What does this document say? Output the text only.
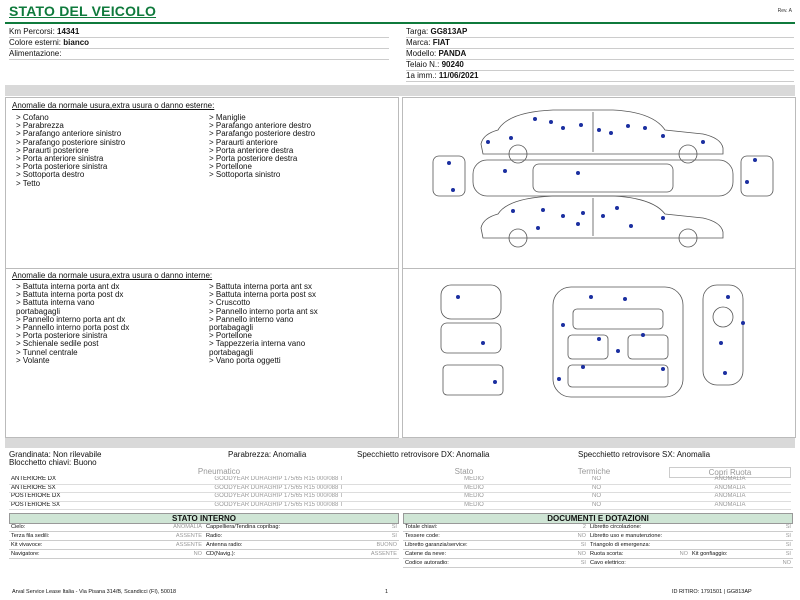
STATO DEL VEICOLO	Rev. A
Km Percorsi: 14341
Colore esterni: bianco
Alimentazione:
Targa: GG813AP
Marca: FIAT
Modello: PANDA
Telaio N.: 90240
1a imm.: 11/06/2021
Anomalie da normale usura,extra usura o danno esterne:
> Cofano
> Parabrezza
> Parafango anteriore sinistro
> Parafango posteriore sinistro
> Paraurti posteriore
> Porta anteriore sinistra
> Porta posteriore sinistra
> Sottoporta destro
> Tetto
> Maniglie
> Parafango anteriore destro
> Parafango posteriore destro
> Paraurti anteriore
> Porta anteriore destra
> Porta posteriore destra
> Portellone
> Sottoporta sinistro
Anomalie da normale usura,extra usura o danno interne:
> Battuta interna porta ant dx
> Battuta interna porta post dx
> Battuta interna vano
portabagagli
> Pannello interno porta ant dx
> Pannello interno porta post dx
> Porta posteriore sinistra
> Schienale sedile post
> Tunnel centrale
> Volante
> Battuta interna porta ant sx
> Battuta interna porta post sx
> Cruscotto
> Pannello interno porta ant sx
> Pannello interno vano
portabagagli
> Portellone
> Tappezzeria interna vano
portabagagli
> Vano porta oggetti
Grandinata: Non rilevabile	Parabrezza: Anomalia	Specchietto retrovisore DX: Anomalia	Specchietto retrovisore SX: Anomalia
Blocchetto chiavi: Buono
Pneumatico	Stato	Termiche	Copri Ruota
ANTERIORE DX	GOODYEAR DURAGRIP 175/65 R15 000/088 T	MEDIO	NO		ANOMALIA
ANTERIORE SX	GOODYEAR DURAGRIP 175/65 R15 000/088 T	MEDIO	NO		ANOMALIA
POSTERIORE DX	GOODYEAR DURAGRIP 175/65 R15 000/088 T	MEDIO	NO		ANOMALIA
POSTERIORE SX	GOODYEAR DURAGRIP 175/65 R15 000/088 T	MEDIO	NO		ANOMALIA
STATO INTERNO
Cielo:	ANOMALIA	Cappelliera/Tendina copribag:	SI
Terza fila sedili:	ASSENTE	Radio:	SI
Kit vivavoce:	ASSENTE	Antenna radio:	BUONO
Navigatore:	NO	CD(Navig.):	ASSENTE
DOCUMENTI E DOTAZIONI
Totale chiavi:	2	Libretto circolazione:			SI
Tessere code:	NO	Libretto uso e manutenzione:			SI
Libretto garanzia/service:	SI	Triangolo di emergenza:			SI
Catene da neve:	NO	Ruota scorta:	NO	Kit gonfiaggio:	SI
Codice autoradio:	SI	Cavo elettrico:			NO
Arval Service Lease Italia - Via Pisana 314/B, Scandicci (FI), 50018	1	ID RITIRO: 1791501 | GG813AP
